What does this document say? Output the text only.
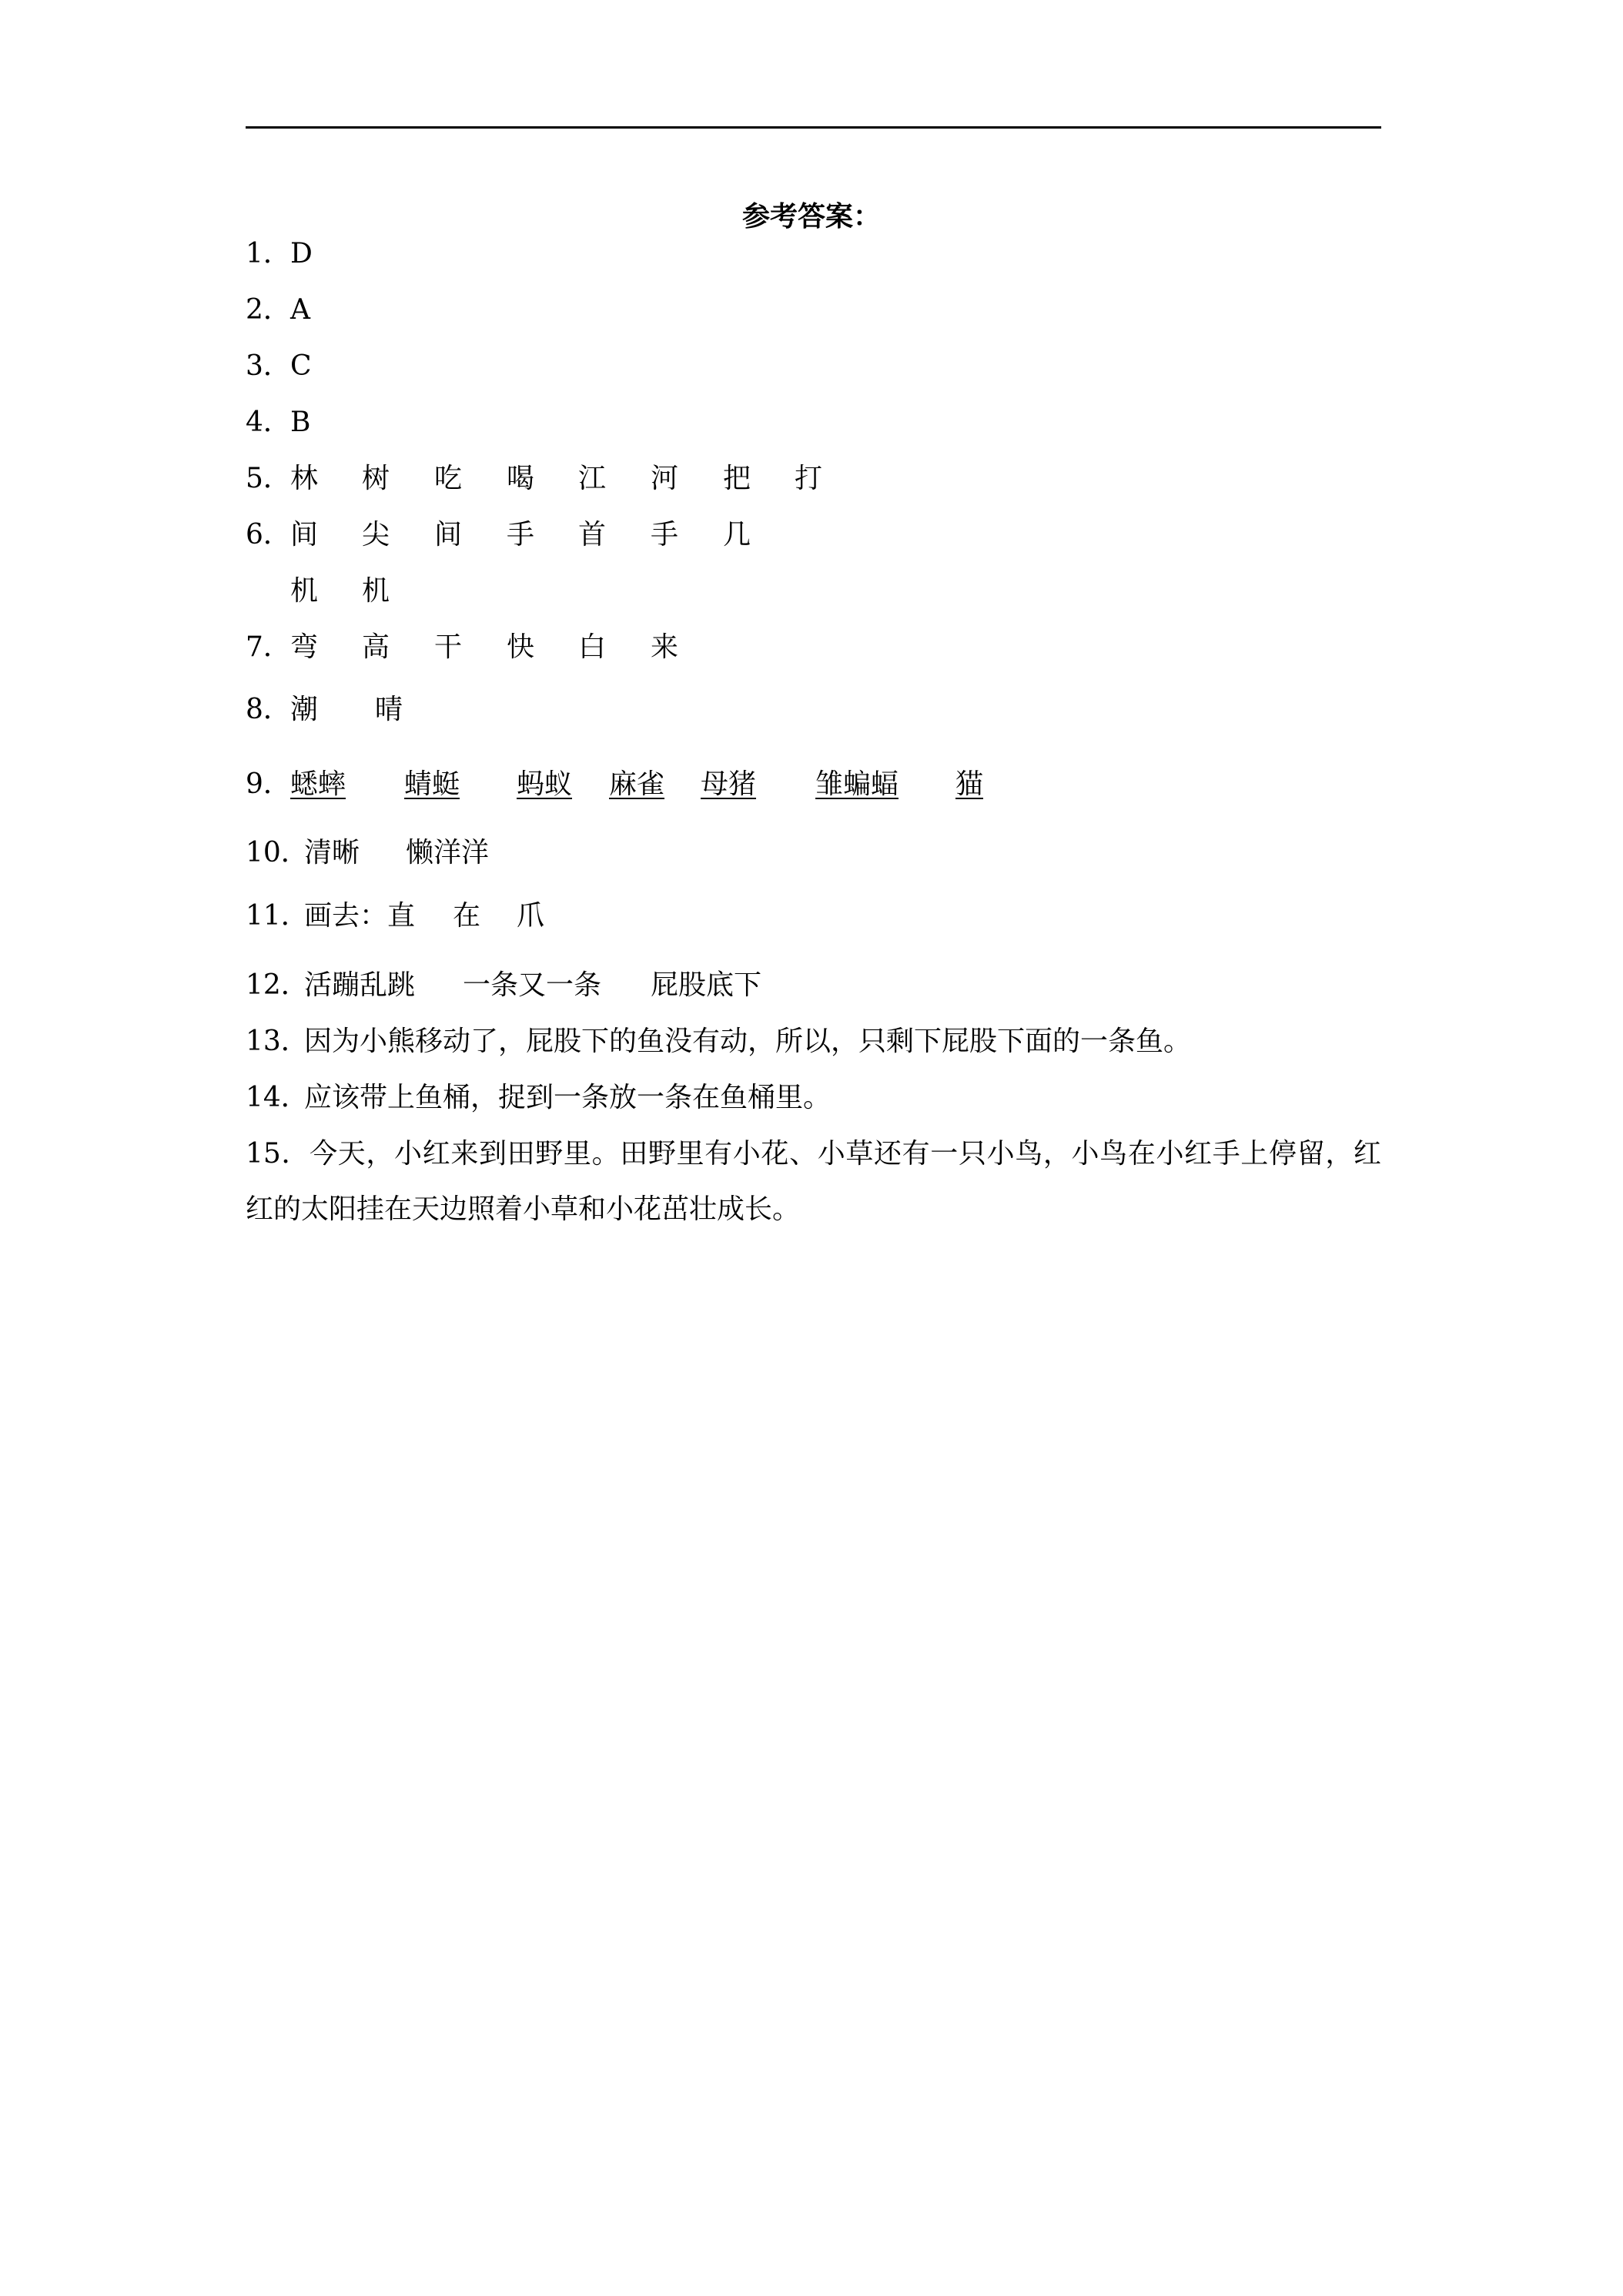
参考答案：
1．D
2．A
3．C
4．B
5． 林 树 吃 喝 江 河 把 打
6． 间 尖 间 手 首 手 几
机 机
7． 弯 高 干 快 白 来
8． 潮 晴
9． 蟋蟀 蜻蜓 蚂蚁 麻雀 母猪 雏蝙蝠 猫
10．
清晰 懒洋洋
11．
画去：直 在 爪
12．
活蹦乱跳 一条又一条 屁股底下
13．因为小熊移动了，屁股下的鱼没有动，所以，只剩下屁股下面的一条鱼。
14．应该带上鱼桶，捉到一条放一条在鱼桶里。
15．今天，小红来到田野里。田野里有小花、小草还有一只小鸟，小鸟在小红手上停留，红红的太阳挂在天边照着小草和小花茁壮成长。
